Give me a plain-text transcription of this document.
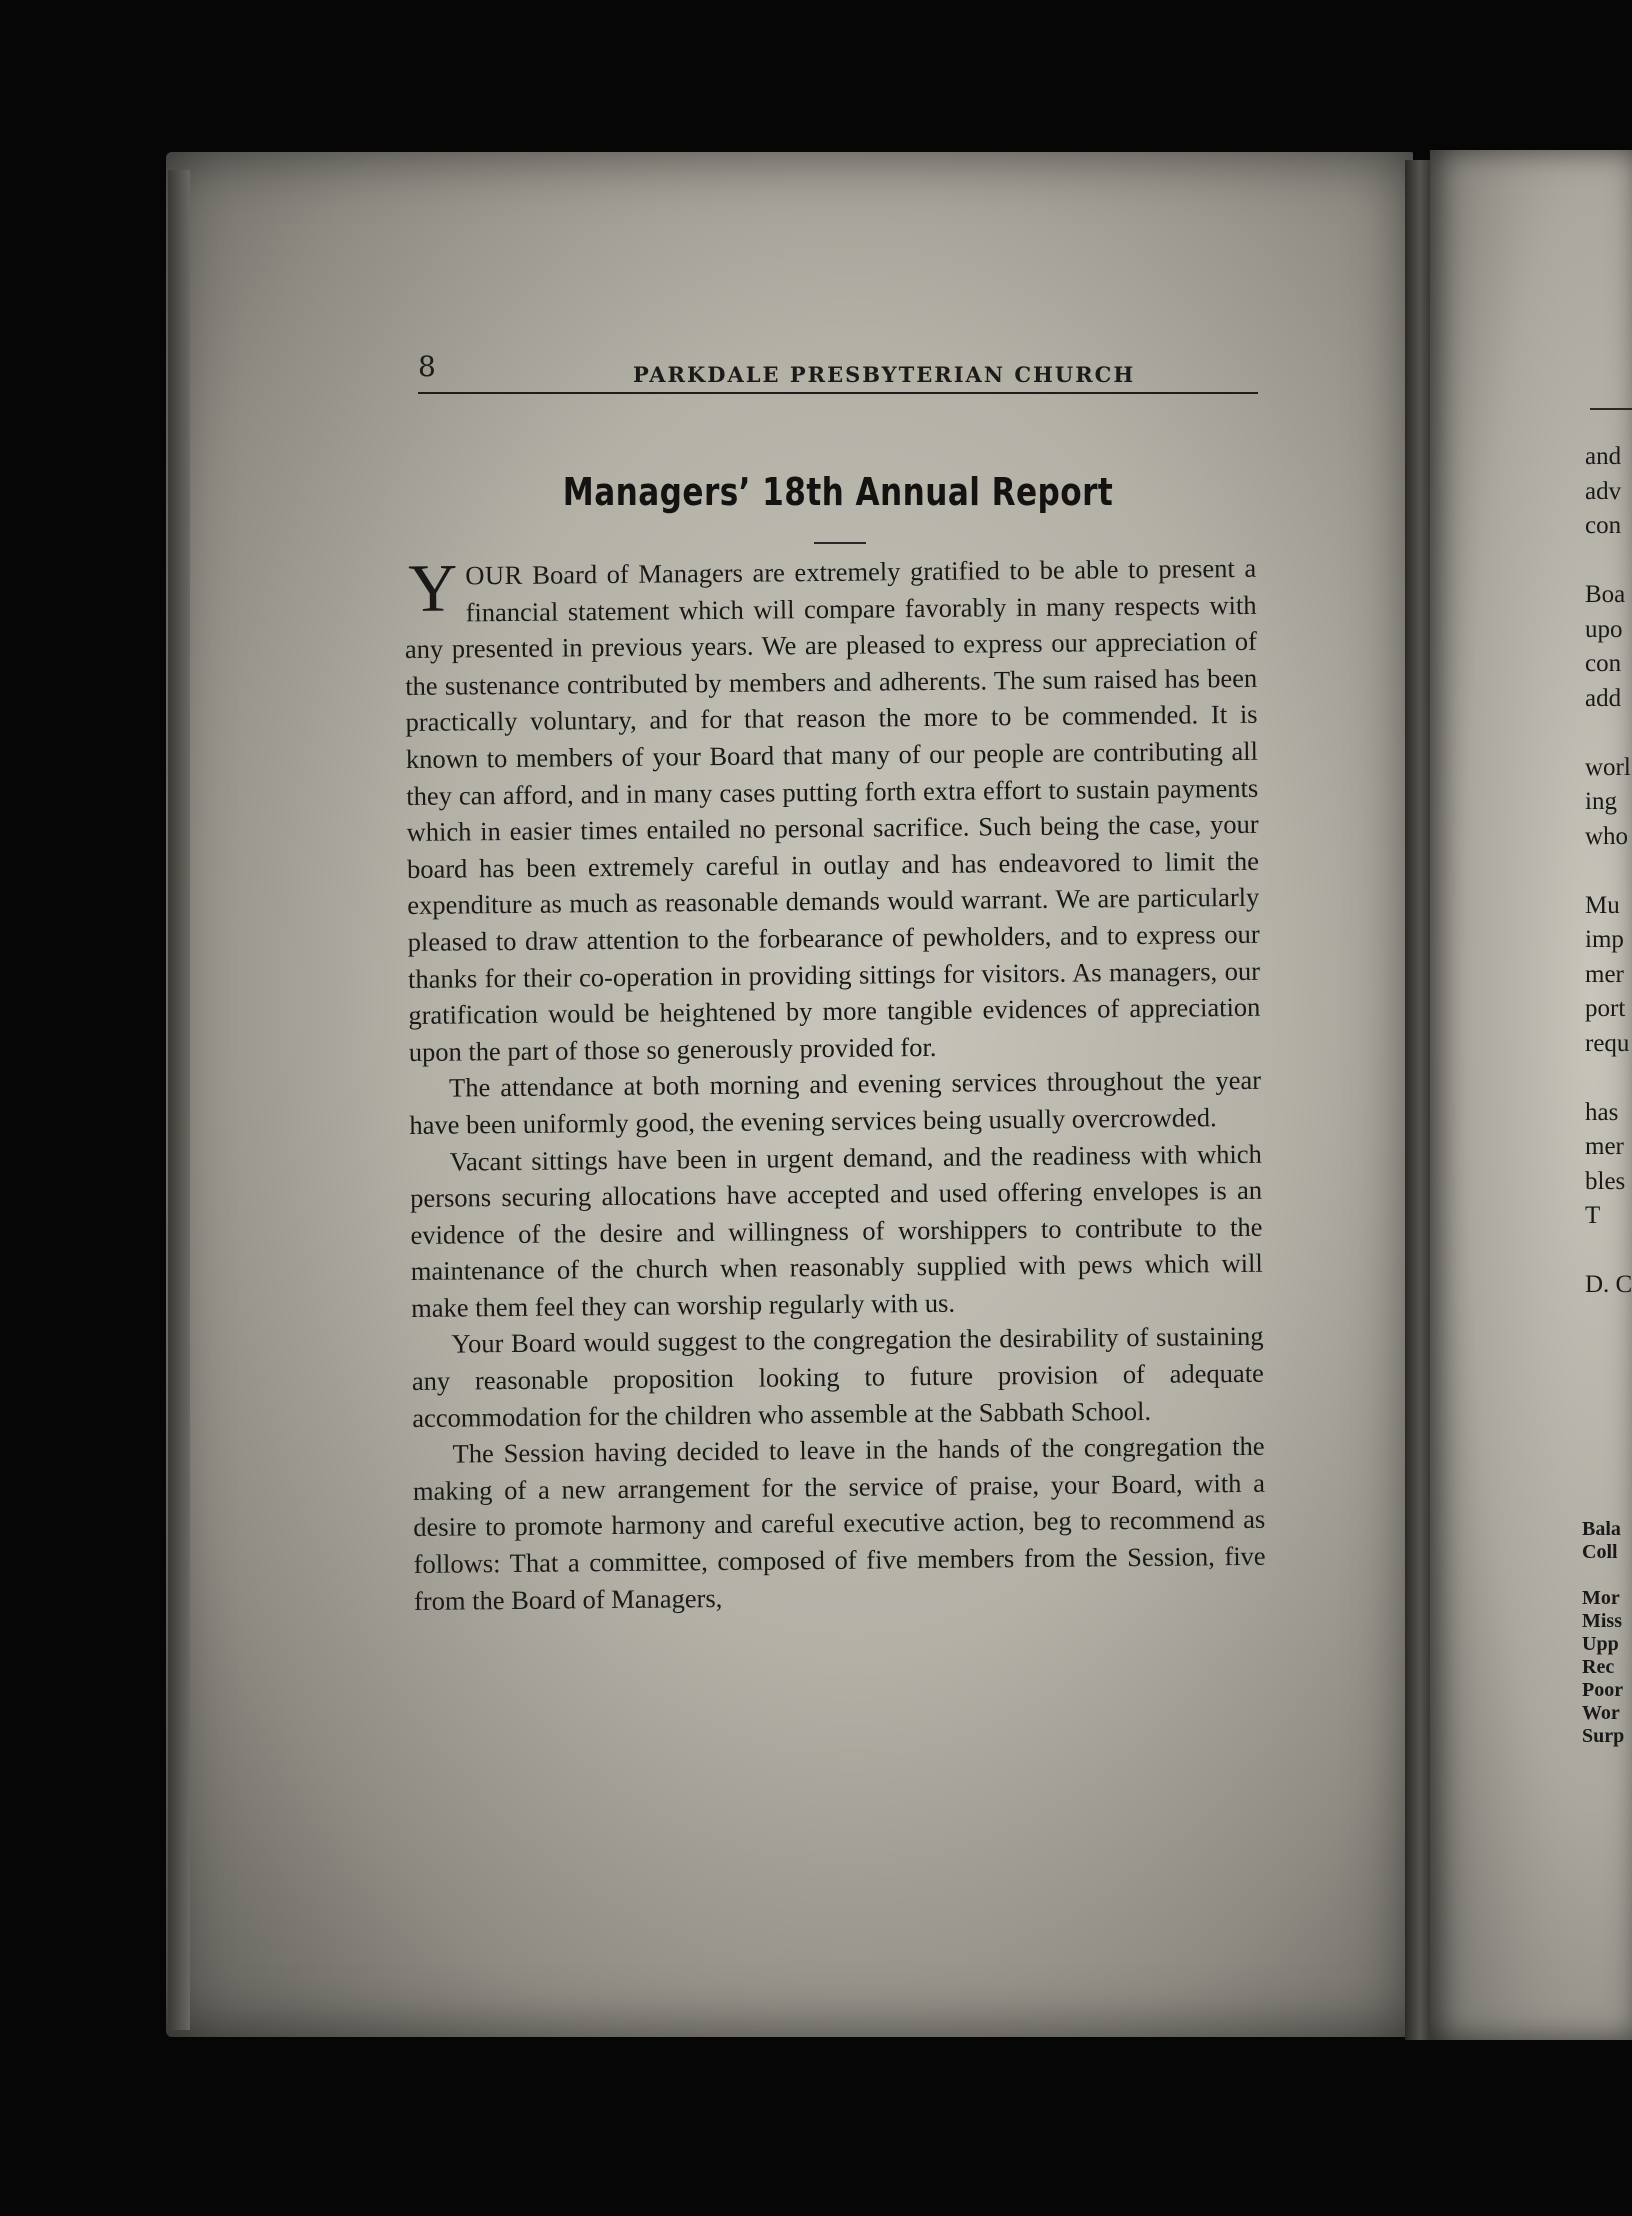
8	PARKDALE PRESBYTERIAN CHURCH
Managers’ 18th Annual Report

YOUR Board of Managers are extremely gratified to be able to present a financial statement which will compare favorably in many respects with any presented in previous years. We are pleased to express our appreciation of the sustenance contributed by members and adherents. The sum raised has been practically voluntary, and for that reason the more to be commended. It is known to members of your Board that many of our people are contributing all they can afford, and in many cases putting forth extra effort to sustain payments which in easier times entailed no personal sacrifice. Such being the case, your board has been extremely careful in outlay and has endeavored to limit the expenditure as much as reasonable demands would warrant. We are particularly pleased to draw attention to the forbearance of pewholders, and to express our thanks for their co-operation in providing sittings for visitors. As managers, our gratification would be heightened by more tangible evidences of appreciation upon the part of those so generously provided for.

The attendance at both morning and evening services throughout the year have been uniformly good, the evening services being usually overcrowded.

Vacant sittings have been in urgent demand, and the readiness with which persons securing allocations have accepted and used offering envelopes is an evidence of the desire and willingness of worshippers to contribute to the maintenance of the church when reasonably supplied with pews which will make them feel they can worship regularly with us.

Your Board would suggest to the congregation the desirability of sustaining any reasonable proposition looking to future provision of adequate accommodation for the children who assemble at the Sabbath School.

The Session having decided to leave in the hands of the congregation the making of a new arrangement for the service of praise, your Board, with a desire to promote harmony and careful executive action, beg to recommend as follows: That a committee, composed of five members from the Session, five from the Board of Managers,

and
adv
con
Boa
upo
con
add
worl
ing
who
Mu
imp
mer
port
requ
has
mer
bles
T
D. C
Bala
Coll
Mor
Miss
Upp
Rec
Poor
Wor
Surp
